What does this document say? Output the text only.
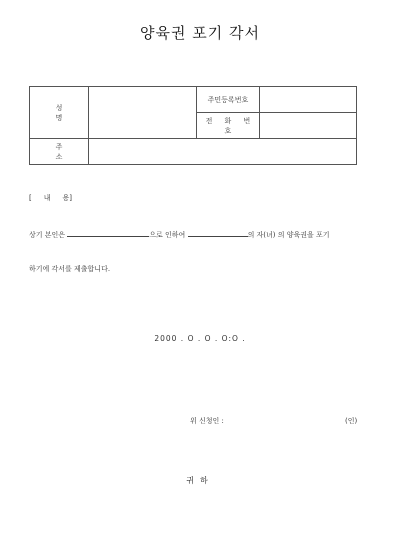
양육권 포기 각서
성 명		주민등록번호	
		전 화 번 호	
주 소			
[내용]
상기 본인은	으로 인하여	의 자(녀) 의 양육권을 포기
하기에 각서를 제출합니다.
2000 . O . O . O:O .
위 신청인 :	(인)
귀하
